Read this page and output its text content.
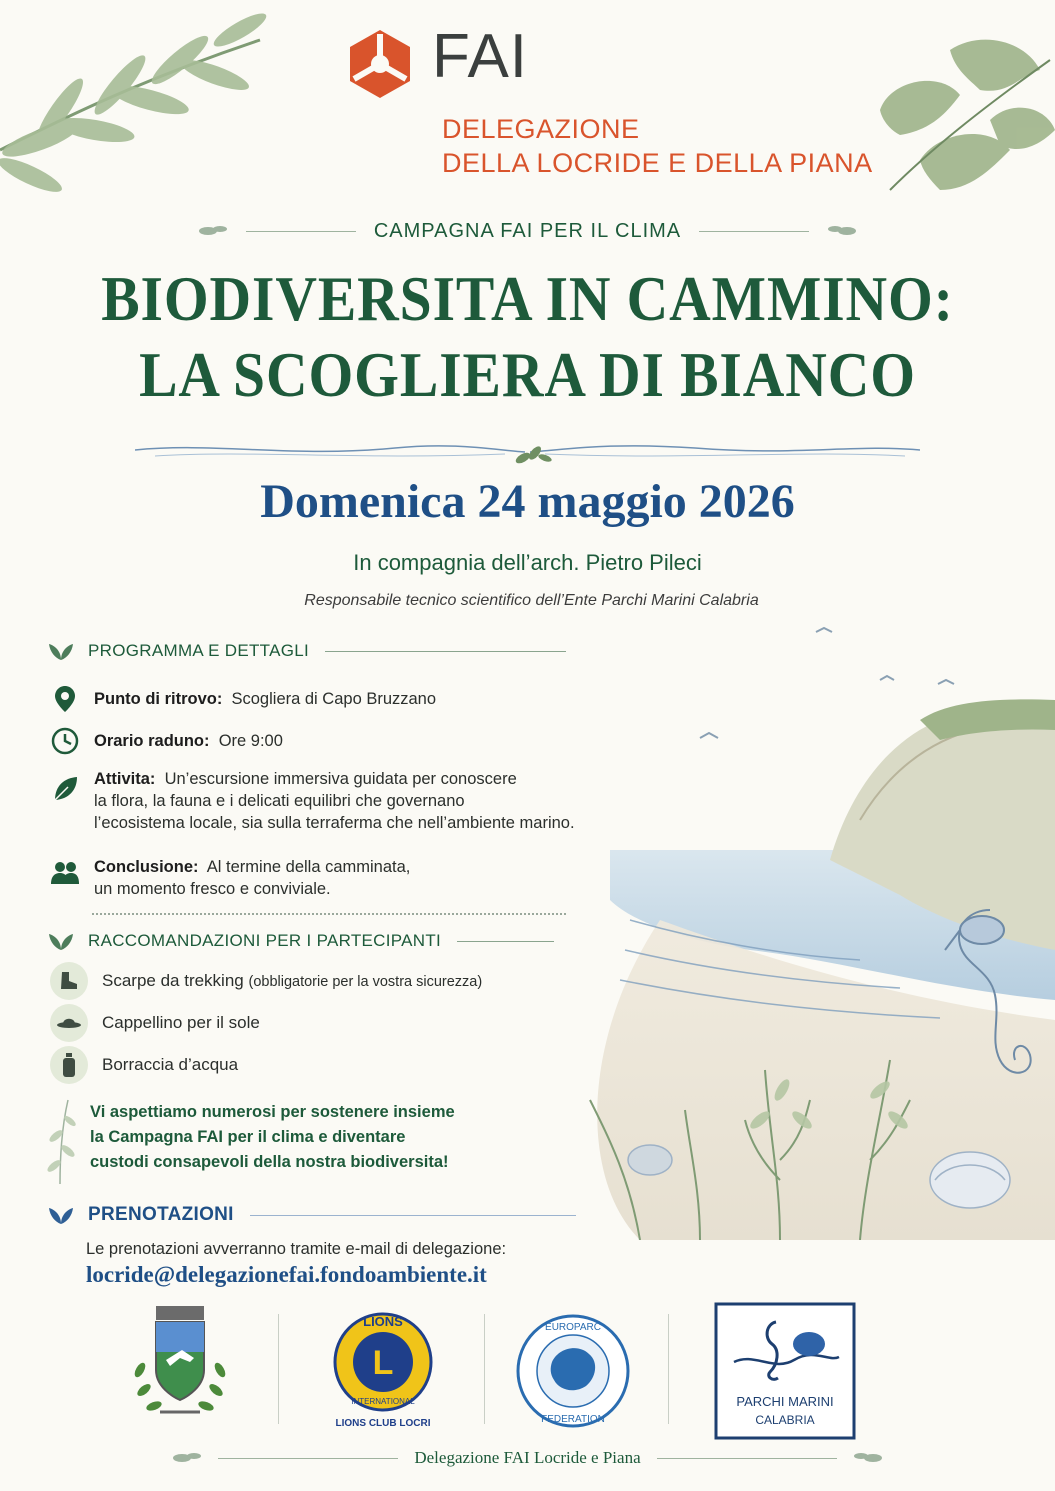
FAI
DELEGAZIONE
DELLA LOCRIDE E DELLA PIANA
CAMPAGNA FAI PER IL CLIMA
BIODIVERSITA IN CAMMINO:
LA SCOGLIERA DI BIANCO
Domenica 24 maggio 2026
In compagnia dell’arch. Pietro Pileci
Responsabile tecnico scientifico dell’Ente Parchi Marini Calabria
PROGRAMMA E DETTAGLI
Punto di ritrovo: Scogliera di Capo Bruzzano
Orario raduno: Ore 9:00
Attivita: Un’escursione immersiva guidata per conoscere
la flora, la fauna e i delicati equilibri che governano
l’ecosistema locale, sia sulla terraferma che nell’ambiente marino.
Conclusione: Al termine della camminata,
un momento fresco e conviviale.
RACCOMANDAZIONI PER I PARTECIPANTI
Scarpe da trekking (obbligatorie per la vostra sicurezza)
Cappellino per il sole
Borraccia d’acqua
Vi aspettiamo numerosi per sostenere insieme
la Campagna FAI per il clima e diventare
custodi consapevoli della nostra biodiversita!
PRENOTAZIONI
Le prenotazioni avverranno tramite e-mail di delegazione:
locride@delegazionefai.fondoambiente.it
L
LIONS
INTERNATIONAL
LIONS CLUB LOCRI
EUROPARC
FEDERATION
PARCHI MARINI
CALABRIA
Delegazione FAI Locride e Piana
